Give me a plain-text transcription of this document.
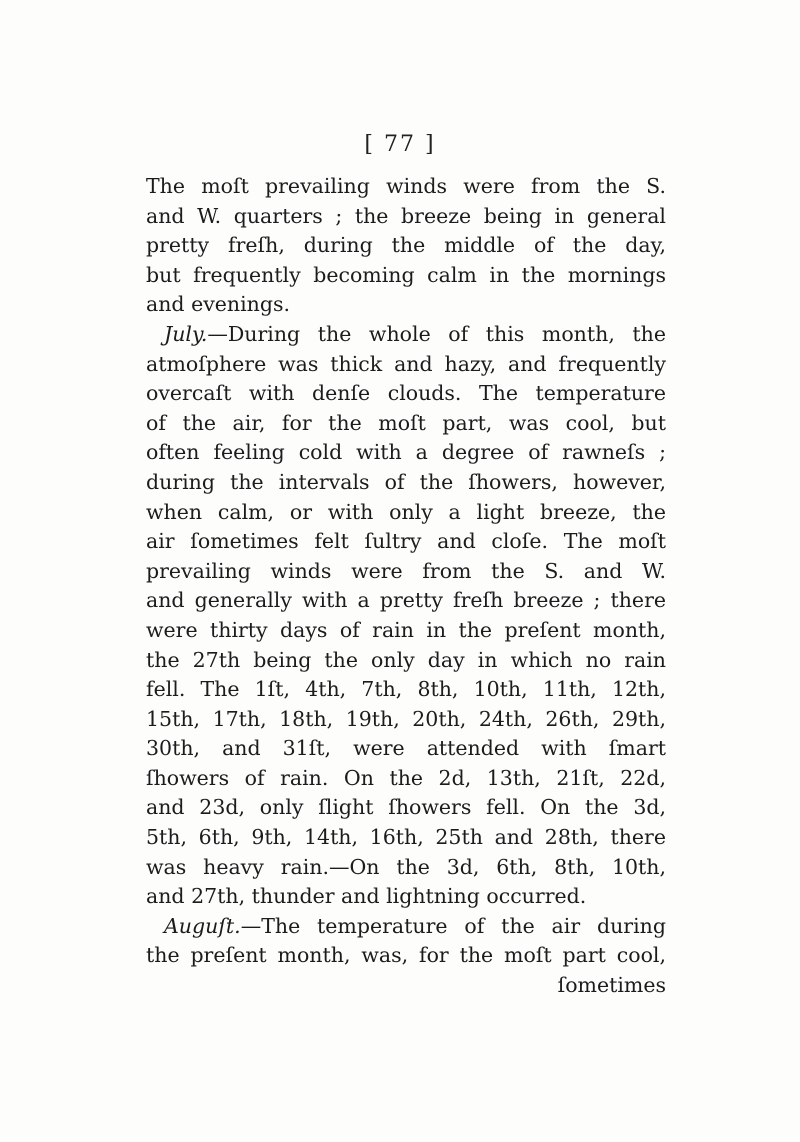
[ 77 ]
The moſt prevailing winds were from the S.
and W. quarters ; the breeze being in general
pretty freſh, during the middle of the day,
but frequently becoming calm in the mornings
and evenings.
July.—During the whole of this month, the
atmoſphere was thick and hazy, and frequently
overcaſt with denſe clouds. The temperature
of the air, for the moſt part, was cool, but
often feeling cold with a degree of rawneſs ;
during the intervals of the ſhowers, however,
when calm, or with only a light breeze, the
air ſometimes felt ſultry and cloſe. The moſt
prevailing winds were from the S. and W.
and generally with a pretty freſh breeze ; there
were thirty days of rain in the preſent month,
the 27th being the only day in which no rain
fell. The 1ſt, 4th, 7th, 8th, 10th, 11th, 12th,
15th, 17th, 18th, 19th, 20th, 24th, 26th, 29th,
30th, and 31ſt, were attended with ſmart
ſhowers of rain. On the 2d, 13th, 21ſt, 22d,
and 23d, only ſlight ſhowers fell. On the 3d,
5th, 6th, 9th, 14th, 16th, 25th and 28th, there
was heavy rain.—On the 3d, 6th, 8th, 10th,
and 27th, thunder and lightning occurred.
Auguſt.—The temperature of the air during
the preſent month, was, for the moſt part cool,
ſometimes
